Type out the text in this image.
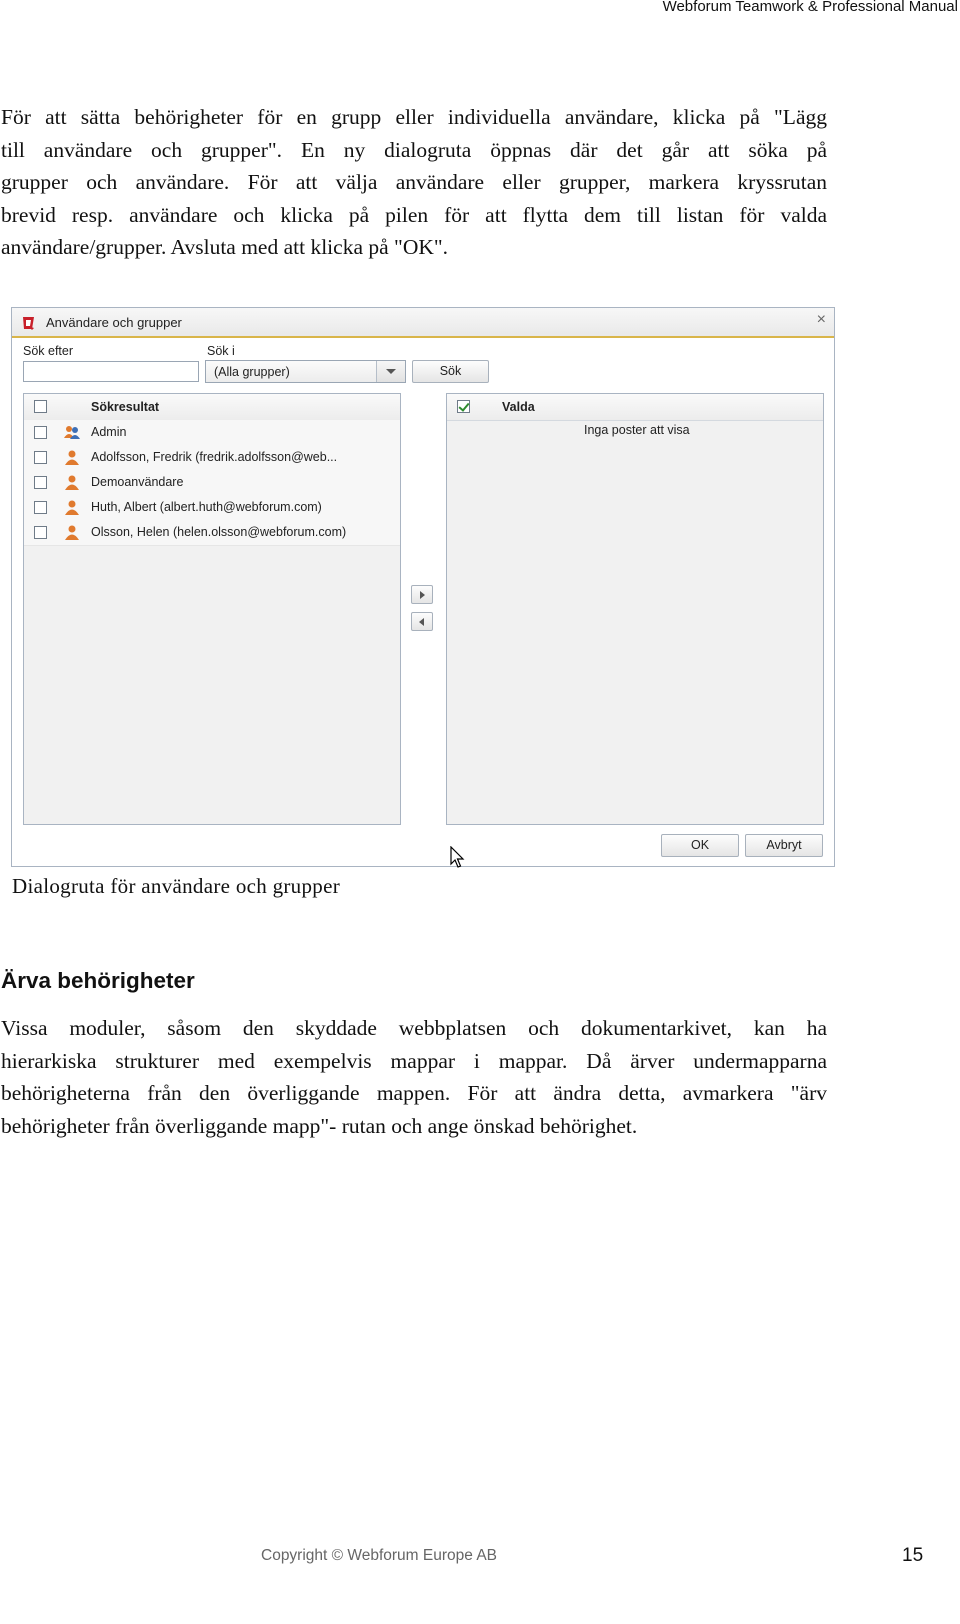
Webforum Teamwork & Professional Manual

För att sätta behörigheter för en grupp eller individuella användare, klicka på "Lägg
till användare och grupper". En ny dialogruta öppnas där det går att söka på
grupper och användare. För att välja användare eller grupper, markera kryssrutan
brevid resp. användare och klicka på pilen för att flytta dem till listan för valda
användare/grupper. Avsluta med att klicka på "OK".

Användare och grupper	×
Sök efter	Sök i
(Alla grupper)	Sök
Sökresultat
Admin
Adolfsson, Fredrik (fredrik.adolfsson@web...
Demoanvändare
Huth, Albert (albert.huth@webforum.com)
Olsson, Helen (helen.olsson@webforum.com)
Valda
Inga poster att visa
OK	Avbryt
Dialogruta för användare och grupper
Ärva behörigheter

Vissa moduler, såsom den skyddade webbplatsen och dokumentarkivet, kan ha
hierarkiska strukturer med exempelvis mappar i mappar. Då ärver undermapparna
behörigheterna från den överliggande mappen. För att ändra detta, avmarkera "ärv
behörigheter från överliggande mapp"- rutan och ange önskad behörighet.

Copyright © Webforum Europe AB	15
